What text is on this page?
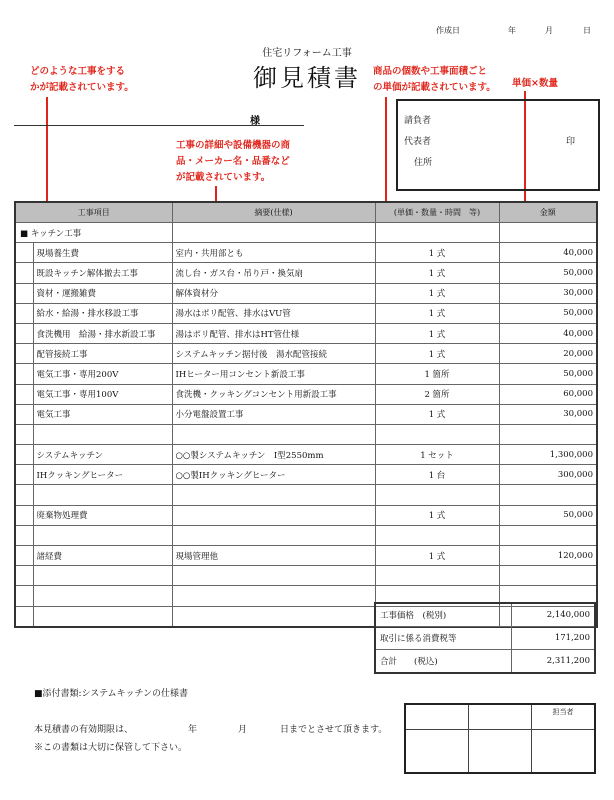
作成日	年	月	日
住宅リフォーム工事
御見積書
どのような工事をする
かが記載されています。
工事の詳細や設備機器の商
品・メーカー名・品番など
が記載されています。
商品の個数や工事面積ごと
の単価が記載されています。 単価×数量
様	請負者
代表者	印
住所
工事項目		摘要(仕様)	(単価・数量・時間　等)	金額
■ キッチン工事				
	現場養生費	室内・共用部とも	1 式	40,000
	既設キッチン解体撤去工事	流し台・ガス台・吊り戸・換気扇	1 式	50,000
	資材・運搬雑費	解体資材分	1 式	30,000
	給水・給湯・排水移設工事	湯水はポリ配管、排水はVU管	1 式	50,000
	食洗機用　給湯・排水新設工事	湯はポリ配管、排水はHT管仕様	1 式	40,000
	配管接続工事	システムキッチン据付後　湯水配管接続	1 式	20,000
	電気工事・専用200V	IHヒーター用コンセント新設工事	1 箇所	50,000
	電気工事・専用100V	食洗機・クッキングコンセント用新設工事	2 箇所	60,000
	電気工事	小分電盤設置工事	1 式	30,000

	システムキッチン	○○製システムキッチン　I型2550mm	1 セット	1,300,000
	IHクッキングヒーター	○○製IHクッキングヒーター	1 台	300,000

	廃棄物処理費		1 式	50,000

	諸経費	現場管理他	1 式	120,000

工事価格　(税別)	2,140,000
取引に係る消費税等	171,200
合計　　(税込)	2,311,200
■添付書類:システムキッチンの仕様書
本見積書の有効期限は、	年	月	日までとさせて頂きます。
※この書類は大切に保管して下さい。
		担当者
